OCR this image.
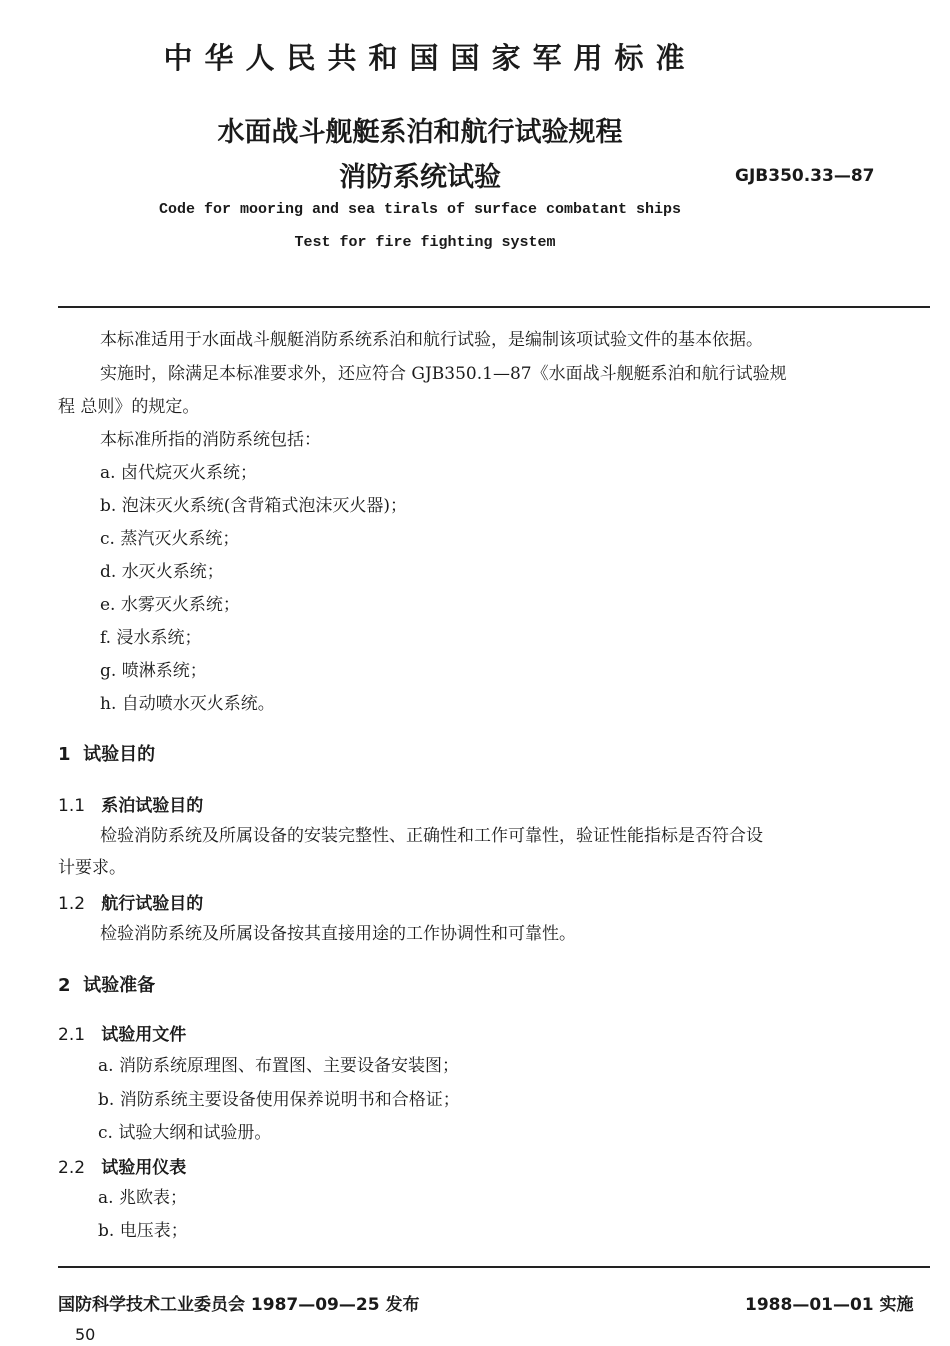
中华人民共和国国家军用标准
水面战斗舰艇系泊和航行试验规程
消防系统试验	GJB350.33—87
Code for mooring and sea tirals of surface combatant ships
Test for fire fighting system
本标准适用于水面战斗舰艇消防系统系泊和航行试验，是编制该项试验文件的基本依据。
实施时，除满足本标准要求外，还应符合 GJB350.1—87《水面战斗舰艇系泊和航行试验规
程 总则》的规定。
本标准所指的消防系统包括：
a. 卤代烷灭火系统；
b. 泡沫灭火系统(含背箱式泡沫灭火器)；
c. 蒸汽灭火系统；
d. 水灭火系统；
e. 水雾灭火系统；
f. 浸水系统；
g. 喷淋系统；
h. 自动喷水灭火系统。
1 试验目的
1.1 系泊试验目的
检验消防系统及所属设备的安装完整性、正确性和工作可靠性，验证性能指标是否符合设
计要求。
1.2 航行试验目的
检验消防系统及所属设备按其直接用途的工作协调性和可靠性。
2 试验准备
2.1 试验用文件
a. 消防系统原理图、布置图、主要设备安装图；
b. 消防系统主要设备使用保养说明书和合格证；
c. 试验大纲和试验册。
2.2 试验用仪表
a. 兆欧表；
b. 电压表；
国防科学技术工业委员会 1987—09—25 发布	1988—01—01 实施
50
